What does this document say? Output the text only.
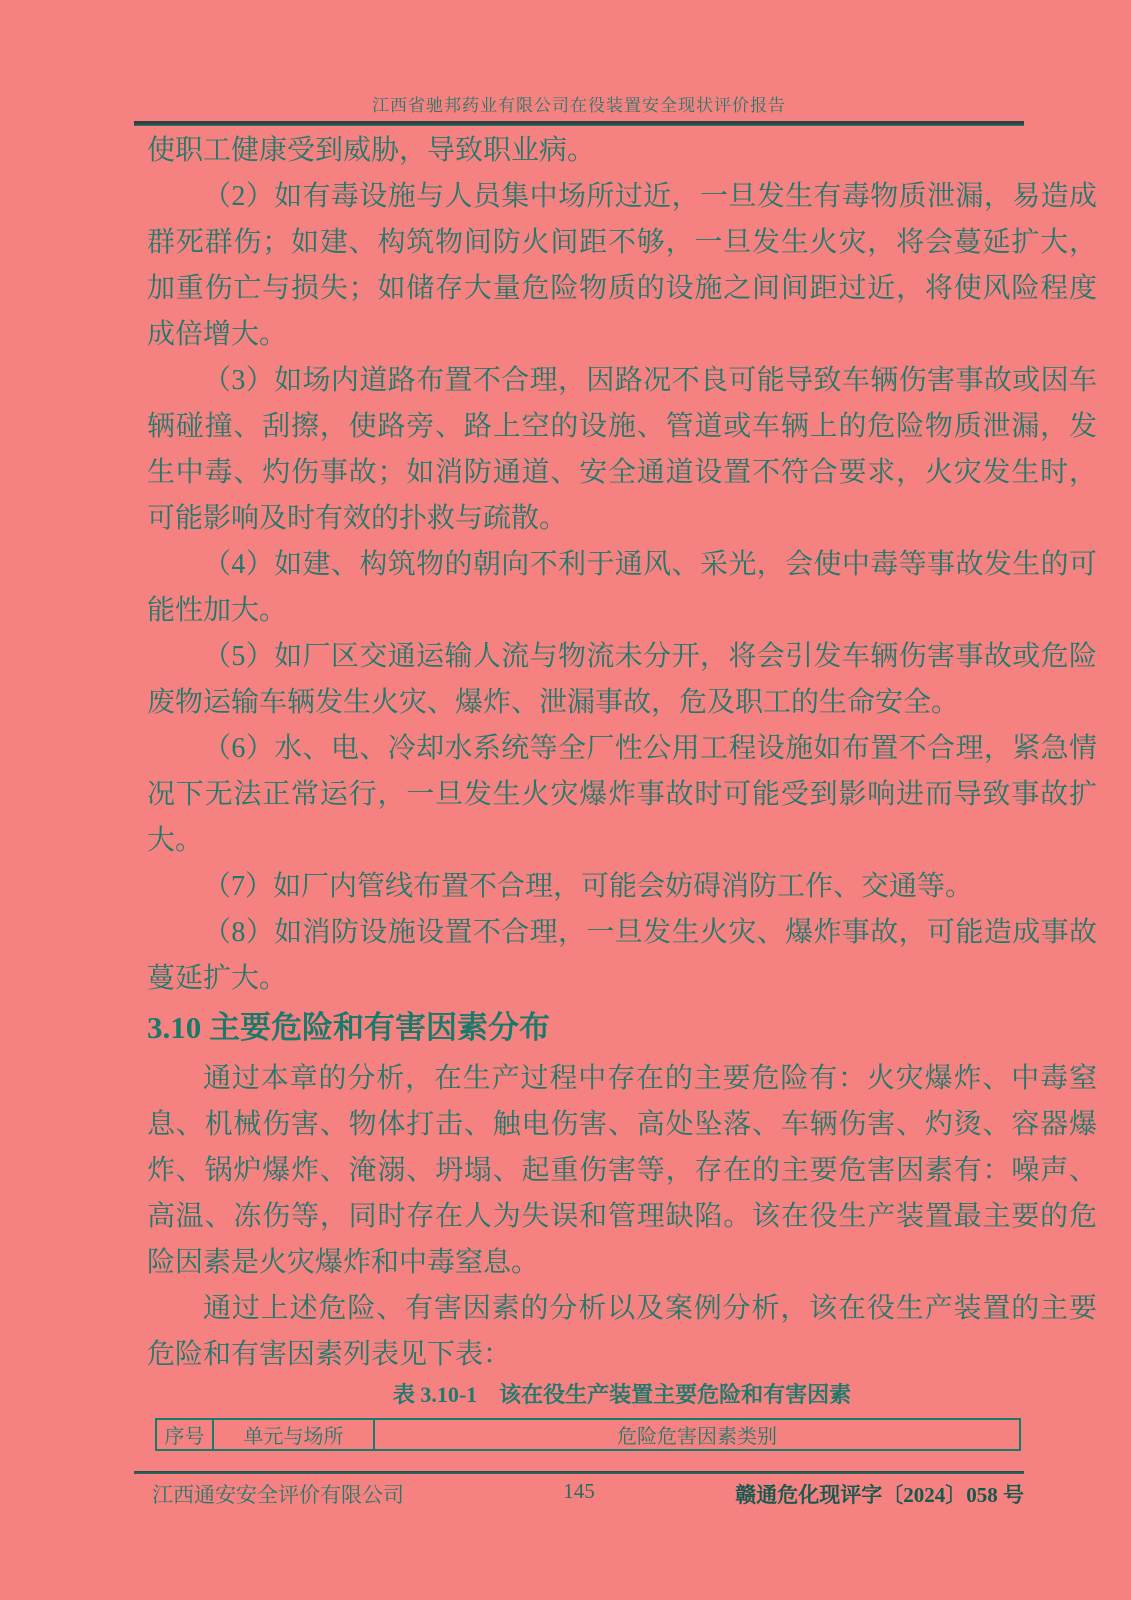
江西省驰邦药业有限公司在役装置安全现状评价报告

使职工健康受到威胁，导致职业病。

（2）如有毒设施与人员集中场所过近，一旦发生有毒物质泄漏，易造成群死群伤；如建、构筑物间防火间距不够，一旦发生火灾，将会蔓延扩大，加重伤亡与损失；如储存大量危险物质的设施之间间距过近，将使风险程度成倍增大。

（3）如场内道路布置不合理，因路况不良可能导致车辆伤害事故或因车辆碰撞、刮擦，使路旁、路上空的设施、管道或车辆上的危险物质泄漏，发生中毒、灼伤事故；如消防通道、安全通道设置不符合要求，火灾发生时，可能影响及时有效的扑救与疏散。

（4）如建、构筑物的朝向不利于通风、采光，会使中毒等事故发生的可能性加大。

（5）如厂区交通运输人流与物流未分开，将会引发车辆伤害事故或危险废物运输车辆发生火灾、爆炸、泄漏事故，危及职工的生命安全。

（6）水、电、冷却水系统等全厂性公用工程设施如布置不合理，紧急情况下无法正常运行，一旦发生火灾爆炸事故时可能受到影响进而导致事故扩大。

（7）如厂内管线布置不合理，可能会妨碍消防工作、交通等。

（8）如消防设施设置不合理，一旦发生火灾、爆炸事故，可能造成事故蔓延扩大。

3.10 主要危险和有害因素分布

通过本章的分析，在生产过程中存在的主要危险有：火灾爆炸、中毒窒息、机械伤害、物体打击、触电伤害、高处坠落、车辆伤害、灼烫、容器爆炸、锅炉爆炸、淹溺、坍塌、起重伤害等，存在的主要危害因素有：噪声、高温、冻伤等，同时存在人为失误和管理缺陷。该在役生产装置最主要的危险因素是火灾爆炸和中毒窒息。

通过上述危险、有害因素的分析以及案例分析，该在役生产装置的主要危险和有害因素列表见下表：

表 3.10-1　该在役生产装置主要危险和有害因素
序号	单元与场所	危险危害因素类别
江西通安安全评价有限公司	145	赣通危化现评字〔2024〕058 号
